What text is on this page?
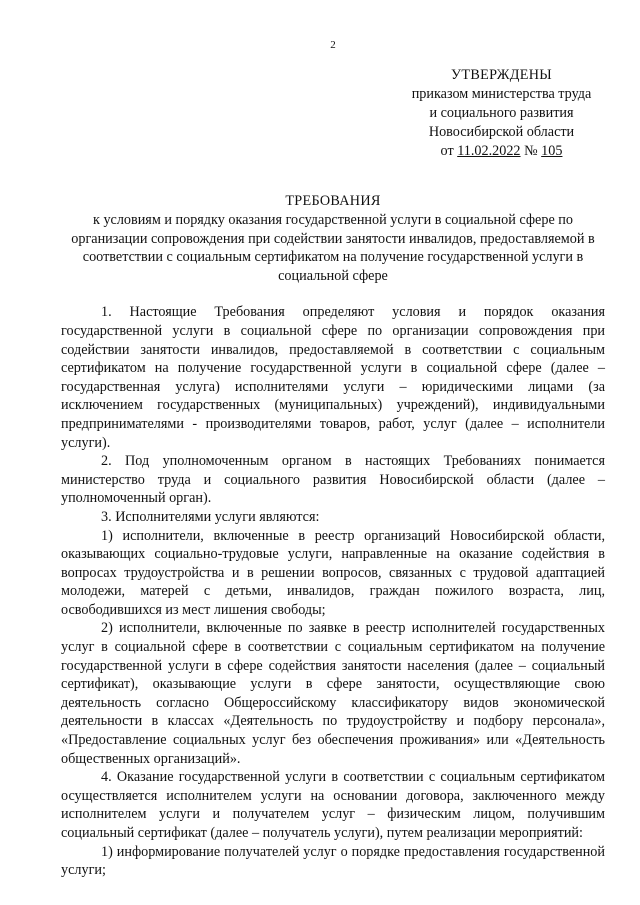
2
УТВЕРЖДЕНЫ
приказом министерства труда
и социального развития
Новосибирской области
от 11.02.2022 № 105
ТРЕБОВАНИЯ
к условиям и порядку оказания государственной услуги в социальной сфере по организации сопровождения при содействии занятости инвалидов, предоставляемой в соответствии с социальным сертификатом на получение государственной услуги в социальной сфере

1. Настоящие Требования определяют условия и порядок оказания государственной услуги в социальной сфере по организации сопровождения при содействии занятости инвалидов, предоставляемой в соответствии с социальным сертификатом на получение государственной услуги в социальной сфере (далее – государственная услуга) исполнителями услуги – юридическими лицами (за исключением государственных (муниципальных) учреждений), индивидуальными предпринимателями - производителями товаров, работ, услуг (далее – исполнители услуги).

2. Под уполномоченным органом в настоящих Требованиях понимается министерство труда и социального развития Новосибирской области (далее – уполномоченный орган).

3. Исполнителями услуги являются:

1) исполнители, включенные в реестр организаций Новосибирской области, оказывающих социально-трудовые услуги, направленные на оказание содействия в вопросах трудоустройства и в решении вопросов, связанных с трудовой адаптацией молодежи, матерей с детьми, инвалидов, граждан пожилого возраста, лиц, освободившихся из мест лишения свободы;

2) исполнители, включенные по заявке в реестр исполнителей государственных услуг в социальной сфере в соответствии с социальным сертификатом на получение государственной услуги в сфере содействия занятости населения (далее – социальный сертификат), оказывающие услуги в сфере занятости, осуществляющие свою деятельность согласно Общероссийскому классификатору видов экономической деятельности в классах «Деятельность по трудоустройству и подбору персонала», «Предоставление социальных услуг без обеспечения проживания» или «Деятельность общественных организаций».

4. Оказание государственной услуги в соответствии с социальным сертификатом осуществляется исполнителем услуги на основании договора, заключенного между исполнителем услуги и получателем услуг – физическим лицом, получившим социальный сертификат (далее – получатель услуги), путем реализации мероприятий:

1) информирование получателей услуг о порядке предоставления государственной услуги;
